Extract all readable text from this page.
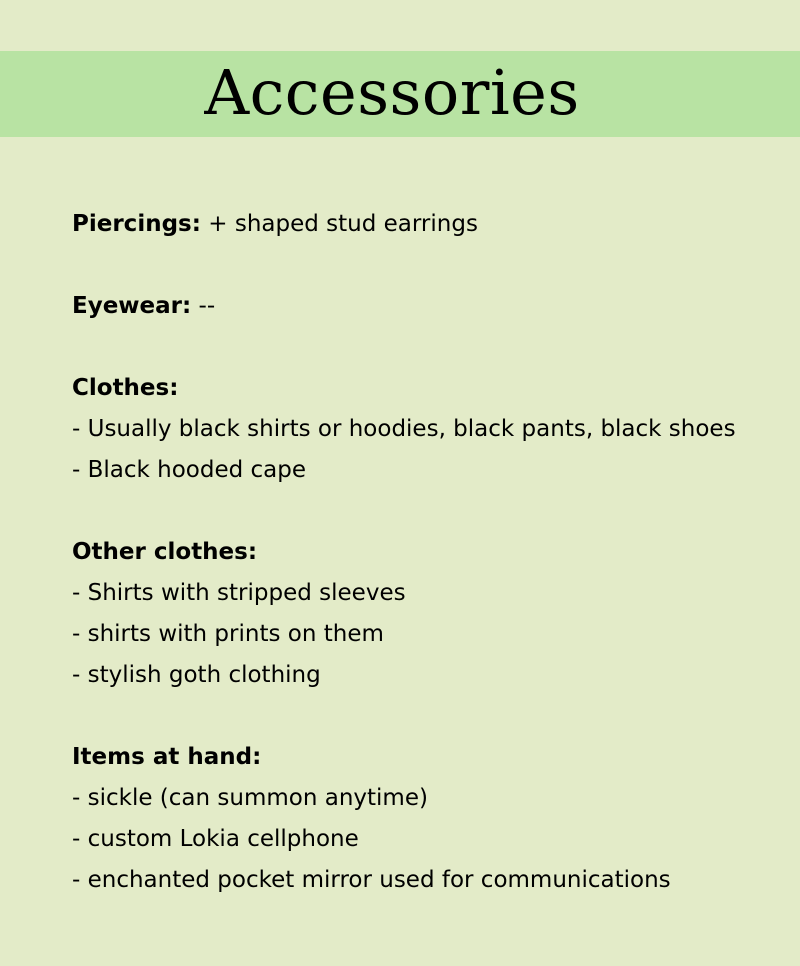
Accessories
Piercings: + shaped stud earrings
Eyewear: --
Clothes:
- Usually black shirts or hoodies, black pants, black shoes
- Black hooded cape
Other clothes:
- Shirts with stripped sleeves
- shirts with prints on them
- stylish goth clothing
Items at hand:
- sickle (can summon anytime)
- custom Lokia cellphone
- enchanted pocket mirror used for communications
